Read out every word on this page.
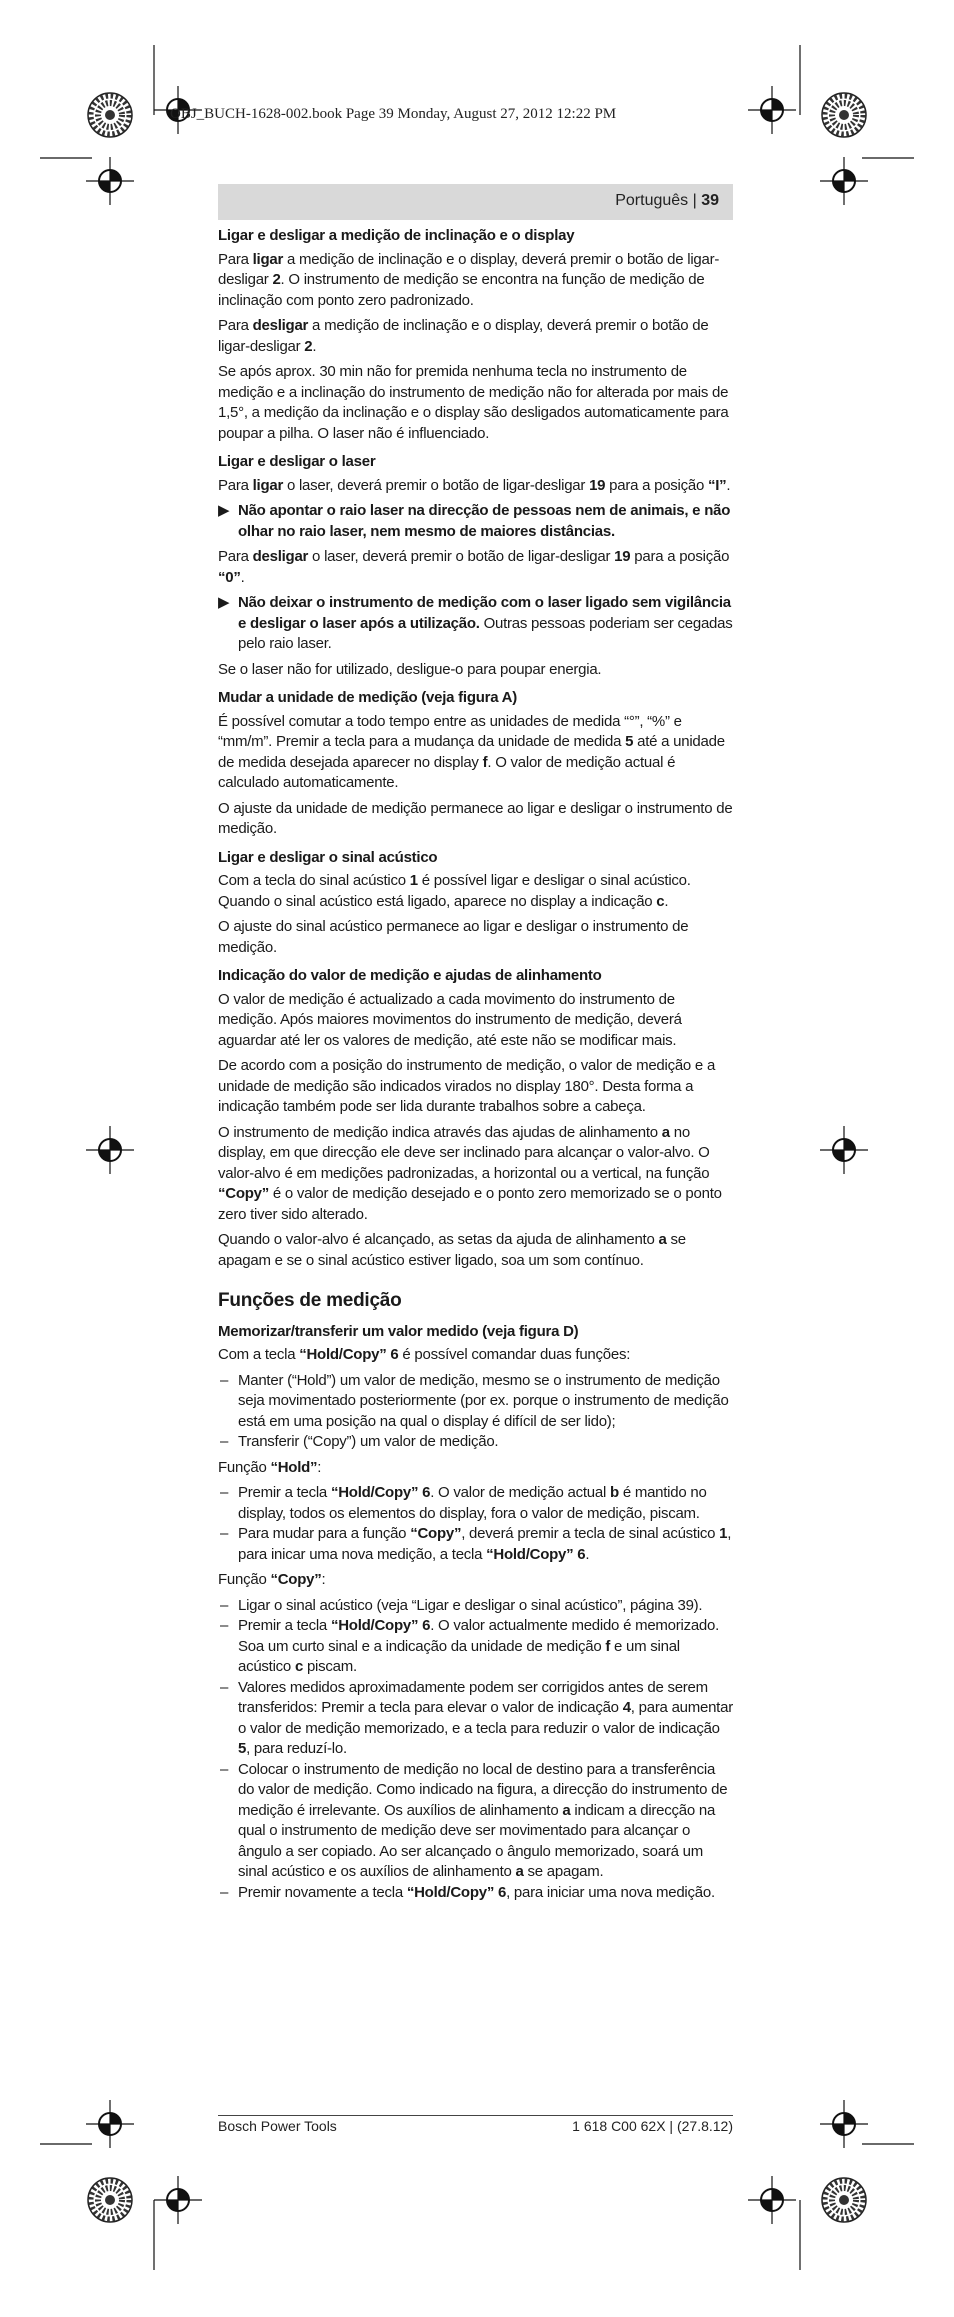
OBJ_BUCH-1628-002.book Page 39 Monday, August 27, 2012 12:22 PM
Português | 39
Ligar e desligar a medição de inclinação e o display

Para ligar a medição de inclinação e o display, deverá premir o botão de ligar-desligar 2. O instrumento de medição se encontra na função de medição de inclinação com ponto zero padronizado.

Para desligar a medição de inclinação e o display, deverá premir o botão de ligar-desligar 2.

Se após aprox. 30 min não for premida nenhuma tecla no instrumento de medição e a inclinação do instrumento de medição não for alterada por mais de 1,5°, a medição da inclinação e o display são desligados automaticamente para poupar a pilha. O laser não é influenciado.

Ligar e desligar o laser

Para ligar o laser, deverá premir o botão de ligar-desligar 19 para a posição “I”.

▶ Não apontar o raio laser na direcção de pessoas nem de animais, e não olhar no raio laser, nem mesmo de maiores distâncias.

Para desligar o laser, deverá premir o botão de ligar-desligar 19 para a posição “0”.

▶ Não deixar o instrumento de medição com o laser ligado sem vigilância e desligar o laser após a utilização. Outras pessoas poderiam ser cegadas pelo raio laser.

Se o laser não for utilizado, desligue-o para poupar energia.

Mudar a unidade de medição (veja figura A)

É possível comutar a todo tempo entre as unidades de medida “°”, “%” e “mm/m”. Premir a tecla para a mudança da unidade de medida 5 até a unidade de medida desejada aparecer no display f. O valor de medição actual é calculado automaticamente.

O ajuste da unidade de medição permanece ao ligar e desligar o instrumento de medição.

Ligar e desligar o sinal acústico

Com a tecla do sinal acústico 1 é possível ligar e desligar o sinal acústico. Quando o sinal acústico está ligado, aparece no display a indicação c.

O ajuste do sinal acústico permanece ao ligar e desligar o instrumento de medição.

Indicação do valor de medição e ajudas de alinhamento

O valor de medição é actualizado a cada movimento do instrumento de medição. Após maiores movimentos do instrumento de medição, deverá aguardar até ler os valores de medição, até este não se modificar mais.

De acordo com a posição do instrumento de medição, o valor de medição e a unidade de medição são indicados virados no display 180°. Desta forma a indicação também pode ser lida durante trabalhos sobre a cabeça.

O instrumento de medição indica através das ajudas de alinhamento a no display, em que direcção ele deve ser inclinado para alcançar o valor-alvo. O valor-alvo é em medições padronizadas, a horizontal ou a vertical, na função “Copy” é o valor de medição desejado e o ponto zero memorizado se o ponto zero tiver sido alterado.

Quando o valor-alvo é alcançado, as setas da ajuda de alinhamento a se apagam e se o sinal acústico estiver ligado, soa um som contínuo.

Funções de medição
Memorizar/transferir um valor medido (veja figura D)

Com a tecla “Hold/Copy” 6 é possível comandar duas funções:

– Manter (“Hold”) um valor de medição, mesmo se o instrumento de medição seja movimentado posteriormente (por ex. porque o instrumento de medição está em uma posição na qual o display é difícil de ser lido);
– Transferir (“Copy”) um valor de medição.

Função “Hold”:

– Premir a tecla “Hold/Copy” 6. O valor de medição actual b é mantido no display, todos os elementos do display, fora o valor de medição, piscam.
– Para mudar para a função “Copy”, deverá premir a tecla de sinal acústico 1, para inicar uma nova medição, a tecla “Hold/Copy” 6.

Função “Copy”:

– Ligar o sinal acústico (veja “Ligar e desligar o sinal acústico”, página 39).
– Premir a tecla “Hold/Copy” 6. O valor actualmente medido é memorizado. Soa um curto sinal e a indicação da unidade de medição f e um sinal acústico c piscam.
– Valores medidos aproximadamente podem ser corrigidos antes de serem transferidos: Premir a tecla para elevar o valor de indicação 4, para aumentar o valor de medição memorizado, e a tecla para reduzir o valor de indicação 5, para reduzí-lo.
– Colocar o instrumento de medição no local de destino para a transferência do valor de medição. Como indicado na figura, a direcção do instrumento de medição é irrelevante. Os auxílios de alinhamento a indicam a direcção na qual o instrumento de medição deve ser movimentado para alcançar o ângulo a ser copiado. Ao ser alcançado o ângulo memorizado, soará um sinal acústico e os auxílios de alinhamento a se apagam.
– Premir novamente a tecla “Hold/Copy” 6, para iniciar uma nova medição.
Bosch Power Tools	1 618 C00 62X | (27.8.12)
